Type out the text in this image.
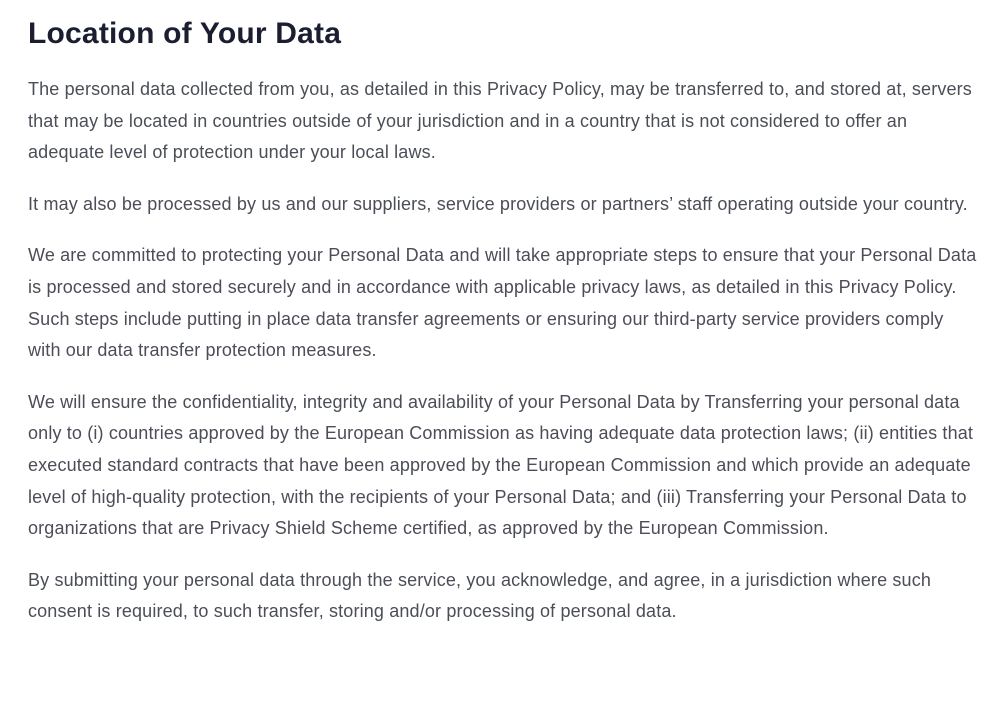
Location of Your Data

The personal data collected from you, as detailed in this Privacy Policy, may be transferred to, and stored at, servers that may be located in countries outside of your jurisdiction and in a country that is not considered to offer an adequate level of protection under your local laws.

It may also be processed by us and our suppliers, service providers or partners’ staff operating outside your country.

We are committed to protecting your Personal Data and will take appropriate steps to ensure that your Personal Data is processed and stored securely and in accordance with applicable privacy laws, as detailed in this Privacy Policy. Such steps include putting in place data transfer agreements or ensuring our third-party service providers comply with our data transfer protection measures.

We will ensure the confidentiality, integrity and availability of your Personal Data by Transferring your personal data only to (i) countries approved by the European Commission as having adequate data protection laws; (ii) entities that executed standard contracts that have been approved by the European Commission and which provide an adequate level of high-quality protection, with the recipients of your Personal Data; and (iii) Transferring your Personal Data to organizations that are Privacy Shield Scheme certified, as approved by the European Commission.

By submitting your personal data through the service, you acknowledge, and agree, in a jurisdiction where such consent is required, to such transfer, storing and/or processing of personal data.
